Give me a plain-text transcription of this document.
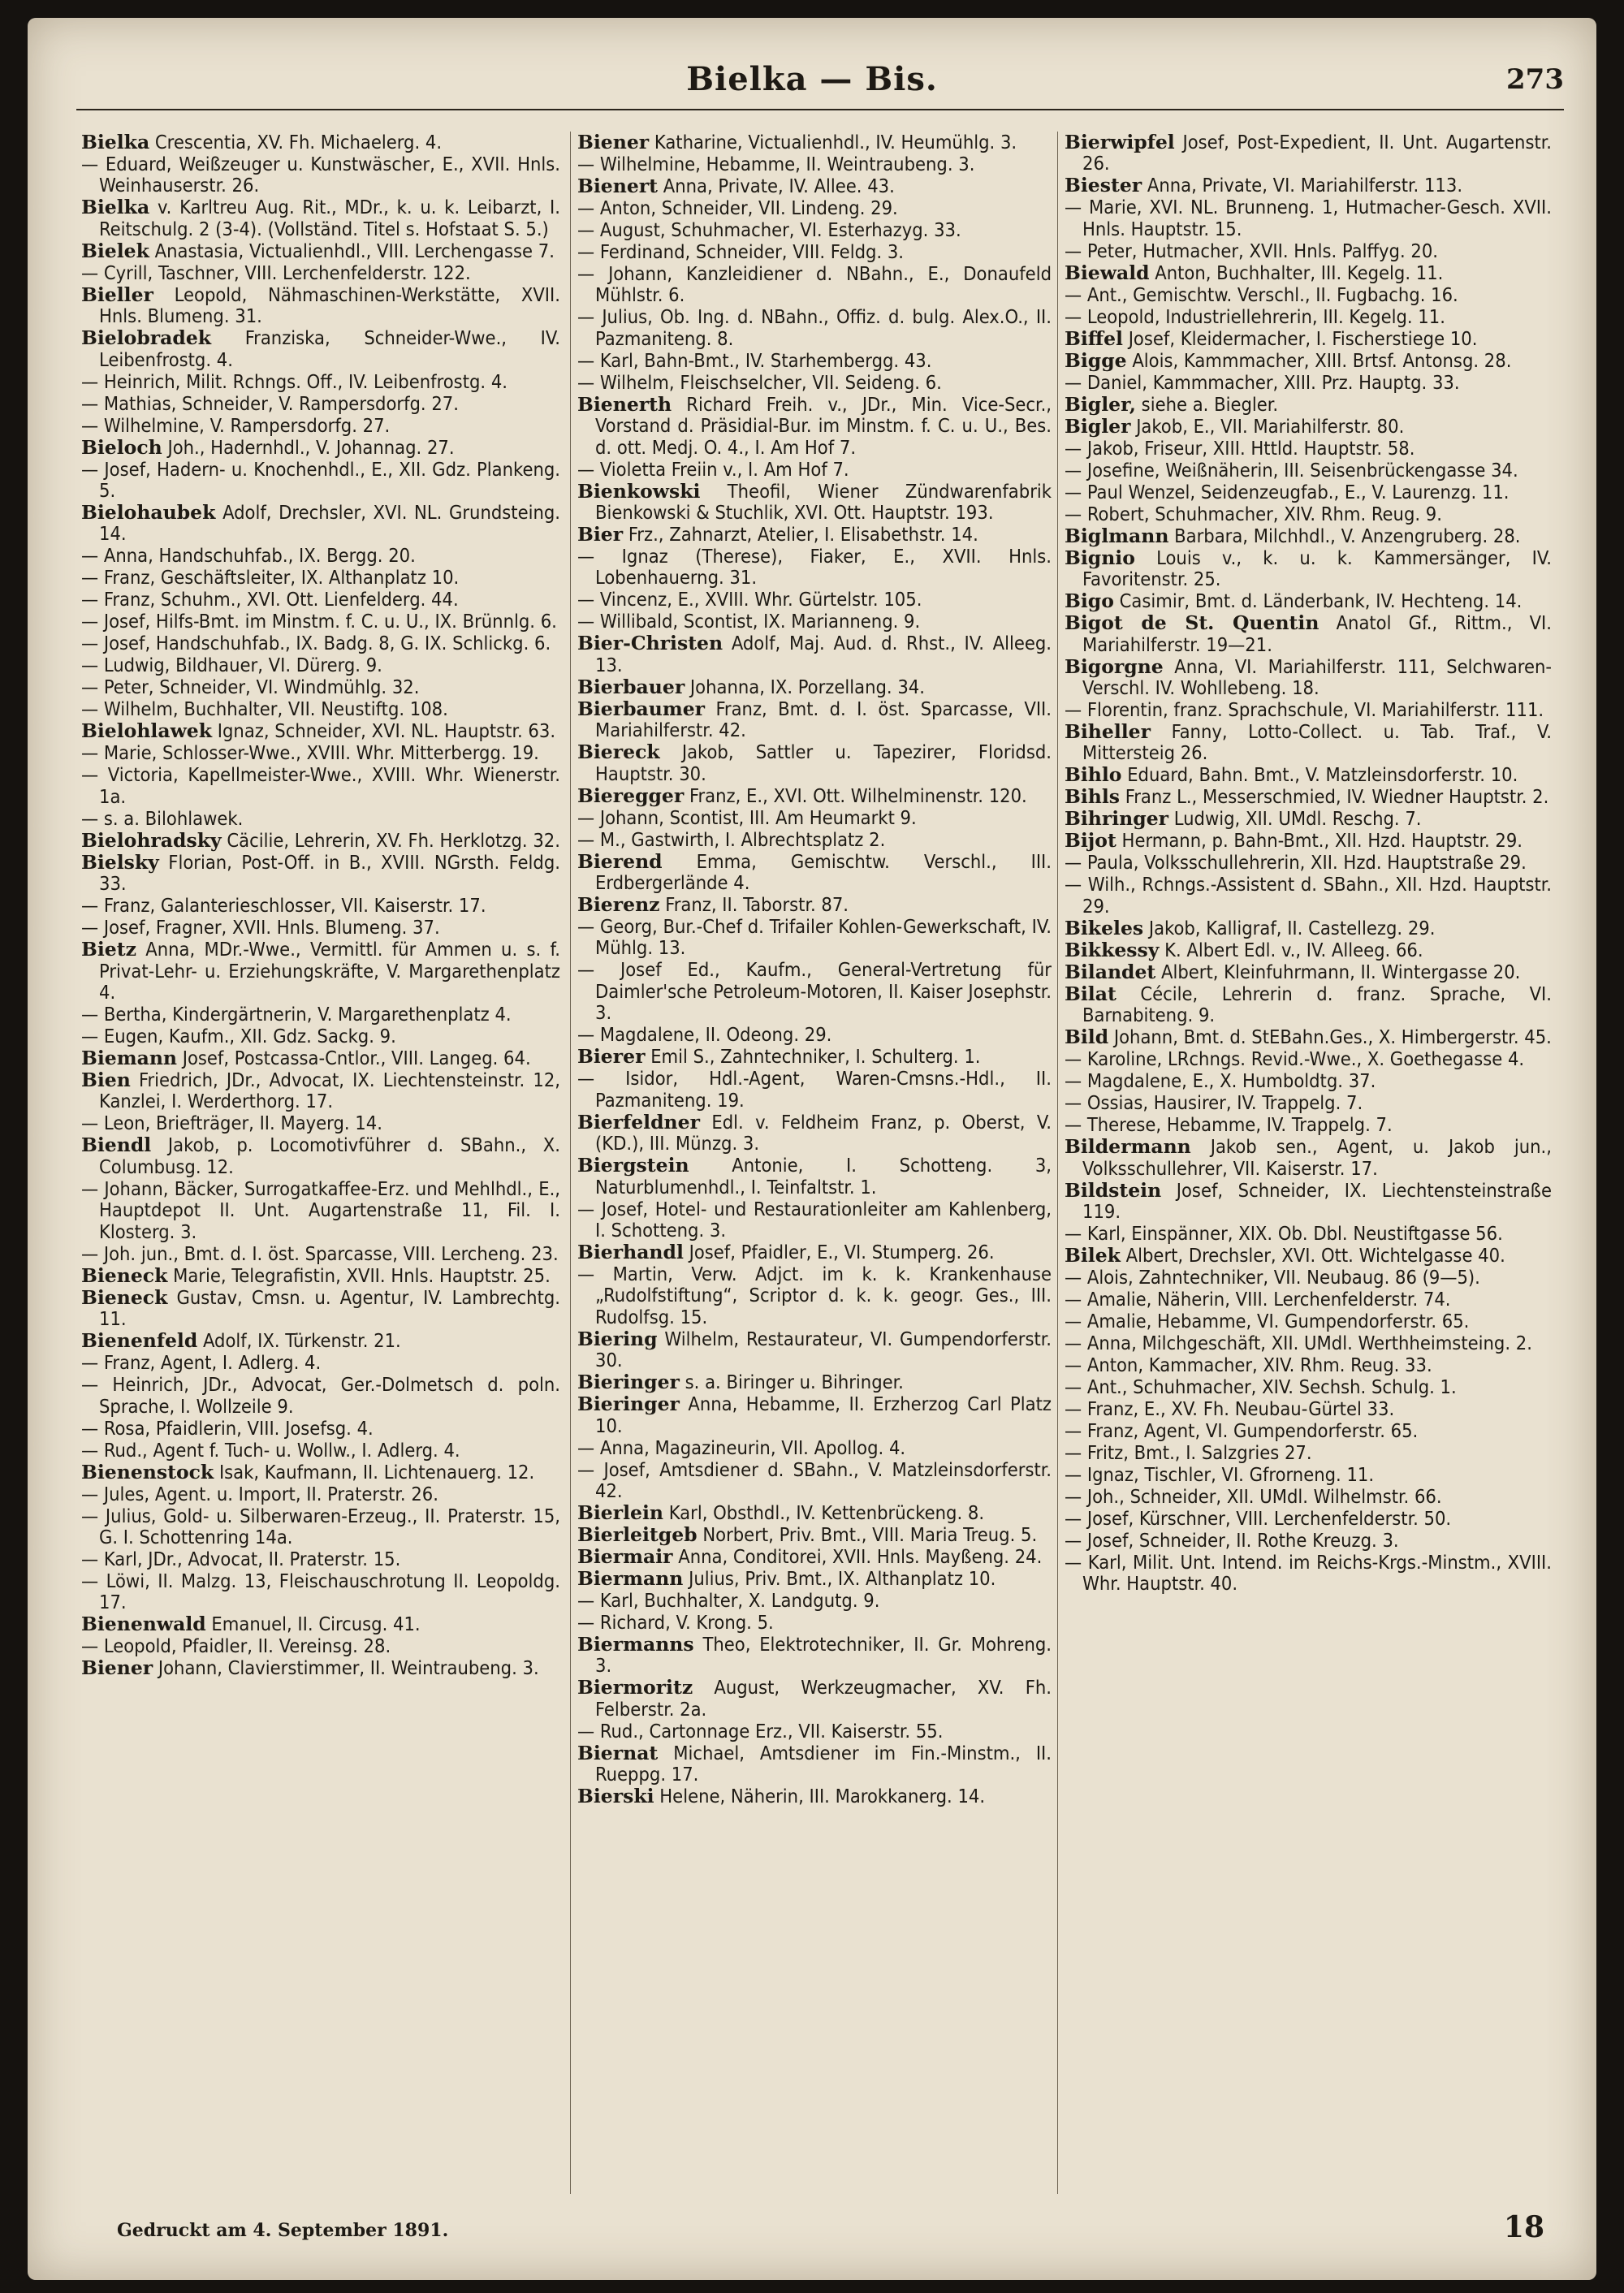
Bielka — Bis.	273

Bielka Crescentia, XV. Fh. Michaelerg. 4.

— Eduard, Weißzeuger u. Kunstwäscher, E., XVII. Hnls. Weinhauserstr. 26.

Bielka v. Karltreu Aug. Rit., MDr., k. u. k. Leibarzt, I. Reitschulg. 2 (3-4). (Vollständ. Titel s. Hofstaat S. 5.)

Bielek Anastasia, Victualienhdl., VIII. Lerchengasse 7.

— Cyrill, Taschner, VIII. Lerchenfelderstr. 122.

Bieller Leopold, Nähmaschinen-Werkstätte, XVII. Hnls. Blumeng. 31.

Bielobradek Franziska, Schneider-Wwe., IV. Leibenfrostg. 4.

— Heinrich, Milit. Rchngs. Off., IV. Leibenfrostg. 4.

— Mathias, Schneider, V. Rampersdorfg. 27.

— Wilhelmine, V. Rampersdorfg. 27.

Bieloch Joh., Hadernhdl., V. Johannag. 27.

— Josef, Hadern- u. Knochenhdl., E., XII. Gdz. Plankeng. 5.

Bielohaubek Adolf, Drechsler, XVI. NL. Grundsteing. 14.

— Anna, Handschuhfab., IX. Bergg. 20.

— Franz, Geschäftsleiter, IX. Althanplatz 10.

— Franz, Schuhm., XVI. Ott. Lienfelderg. 44.

— Josef, Hilfs-Bmt. im Minstm. f. C. u. U., IX. Brünnlg. 6.

— Josef, Handschuhfab., IX. Badg. 8, G. IX. Schlickg. 6.

— Ludwig, Bildhauer, VI. Dürerg. 9.

— Peter, Schneider, VI. Windmühlg. 32.

— Wilhelm, Buchhalter, VII. Neustiftg. 108.

Bielohlawek Ignaz, Schneider, XVI. NL. Hauptstr. 63.

— Marie, Schlosser-Wwe., XVIII. Whr. Mitterbergg. 19.

— Victoria, Kapellmeister-Wwe., XVIII. Whr. Wienerstr. 1a.

— s. a. Bilohlawek.

Bielohradsky Cäcilie, Lehrerin, XV. Fh. Herklotzg. 32.

Bielsky Florian, Post-Off. in B., XVIII. NGrsth. Feldg. 33.

— Franz, Galanterieschlosser, VII. Kaiserstr. 17.

— Josef, Fragner, XVII. Hnls. Blumeng. 37.

Bietz Anna, MDr.-Wwe., Vermittl. für Ammen u. s. f. Privat-Lehr- u. Erziehungskräfte, V. Margarethenplatz 4.

— Bertha, Kindergärtnerin, V. Margarethenplatz 4.

— Eugen, Kaufm., XII. Gdz. Sackg. 9.

Biemann Josef, Postcassa-Cntlor., VIII. Langeg. 64.

Bien Friedrich, JDr., Advocat, IX. Liechtensteinstr. 12, Kanzlei, I. Werderthorg. 17.

— Leon, Briefträger, II. Mayerg. 14.

Biendl Jakob, p. Locomotivführer d. SBahn., X. Columbusg. 12.

— Johann, Bäcker, Surrogatkaffee-Erz. und Mehlhdl., E., Hauptdepot II. Unt. Augartenstraße 11, Fil. I. Klosterg. 3.

— Joh. jun., Bmt. d. I. öst. Sparcasse, VIII. Lercheng. 23.

Bieneck Marie, Telegrafistin, XVII. Hnls. Hauptstr. 25.

Bieneck Gustav, Cmsn. u. Agentur, IV. Lambrechtg. 11.

Bienenfeld Adolf, IX. Türkenstr. 21.

— Franz, Agent, I. Adlerg. 4.

— Heinrich, JDr., Advocat, Ger.-Dolmetsch d. poln. Sprache, I. Wollzeile 9.

— Rosa, Pfaidlerin, VIII. Josefsg. 4.

— Rud., Agent f. Tuch- u. Wollw., I. Adlerg. 4.

Bienenstock Isak, Kaufmann, II. Lichtenauerg. 12.

— Jules, Agent. u. Import, II. Praterstr. 26.

— Julius, Gold- u. Silberwaren-Erzeug., II. Praterstr. 15, G. I. Schottenring 14a.

— Karl, JDr., Advocat, II. Praterstr. 15.

— Löwi, II. Malzg. 13, Fleischauschrotung II. Leopoldg. 17.

Bienenwald Emanuel, II. Circusg. 41.

— Leopold, Pfaidler, II. Vereinsg. 28.

Biener Johann, Clavierstimmer, II. Weintraubeng. 3.

Biener Katharine, Victualienhdl., IV. Heumühlg. 3.

— Wilhelmine, Hebamme, II. Weintraubeng. 3.

Bienert Anna, Private, IV. Allee. 43.

— Anton, Schneider, VII. Lindeng. 29.

— August, Schuhmacher, VI. Esterhazyg. 33.

— Ferdinand, Schneider, VIII. Feldg. 3.

— Johann, Kanzleidiener d. NBahn., E., Donaufeld Mühlstr. 6.

— Julius, Ob. Ing. d. NBahn., Offiz. d. bulg. Alex.O., II. Pazmaniteng. 8.

— Karl, Bahn-Bmt., IV. Starhembergg. 43.

— Wilhelm, Fleischselcher, VII. Seideng. 6.

Bienerth Richard Freih. v., JDr., Min. Vice-Secr., Vorstand d. Präsidial-Bur. im Minstm. f. C. u. U., Bes. d. ott. Medj. O. 4., I. Am Hof 7.

— Violetta Freiin v., I. Am Hof 7.

Bienkowski Theofil, Wiener Zündwarenfabrik Bienkowski & Stuchlik, XVI. Ott. Hauptstr. 193.

Bier Frz., Zahnarzt, Atelier, I. Elisabethstr. 14.

— Ignaz (Therese), Fiaker, E., XVII. Hnls. Lobenhauerng. 31.

— Vincenz, E., XVIII. Whr. Gürtelstr. 105.

— Willibald, Scontist, IX. Marianneng. 9.

Bier-Christen Adolf, Maj. Aud. d. Rhst., IV. Alleeg. 13.

Bierbauer Johanna, IX. Porzellang. 34.

Bierbaumer Franz, Bmt. d. I. öst. Sparcasse, VII. Mariahilferstr. 42.

Biereck Jakob, Sattler u. Tapezirer, Floridsd. Hauptstr. 30.

Bieregger Franz, E., XVI. Ott. Wilhelminenstr. 120.

— Johann, Scontist, III. Am Heumarkt 9.

— M., Gastwirth, I. Albrechtsplatz 2.

Bierend Emma, Gemischtw. Verschl., III. Erdbergerlände 4.

Bierenz Franz, II. Taborstr. 87.

— Georg, Bur.-Chef d. Trifailer Kohlen-Gewerkschaft, IV. Mühlg. 13.

— Josef Ed., Kaufm., General-Vertretung für Daimler'sche Petroleum-Motoren, II. Kaiser Josephstr. 3.

— Magdalene, II. Odeong. 29.

Bierer Emil S., Zahntechniker, I. Schulterg. 1.

— Isidor, Hdl.-Agent, Waren-Cmsns.-Hdl., II. Pazmaniteng. 19.

Bierfeldner Edl. v. Feldheim Franz, p. Oberst, V. (KD.), III. Münzg. 3.

Biergstein Antonie, I. Schotteng. 3, Naturblumenhdl., I. Teinfaltstr. 1.

— Josef, Hotel- und Restaurationleiter am Kahlenberg, I. Schotteng. 3.

Bierhandl Josef, Pfaidler, E., VI. Stumperg. 26.

— Martin, Verw. Adjct. im k. k. Krankenhause „Rudolfstiftung“, Scriptor d. k. k. geogr. Ges., III. Rudolfsg. 15.

Biering Wilhelm, Restaurateur, VI. Gumpendorferstr. 30.

Bieringer s. a. Biringer u. Bihringer.

Bieringer Anna, Hebamme, II. Erzherzog Carl Platz 10.

— Anna, Magazineurin, VII. Apollog. 4.

— Josef, Amtsdiener d. SBahn., V. Matzleinsdorferstr. 42.

Bierlein Karl, Obsthdl., IV. Kettenbrückeng. 8.

Bierleitgeb Norbert, Priv. Bmt., VIII. Maria Treug. 5.

Biermair Anna, Conditorei, XVII. Hnls. Mayßeng. 24.

Biermann Julius, Priv. Bmt., IX. Althanplatz 10.

— Karl, Buchhalter, X. Landgutg. 9.

— Richard, V. Krong. 5.

Biermanns Theo, Elektrotechniker, II. Gr. Mohreng. 3.

Biermoritz August, Werkzeugmacher, XV. Fh. Felberstr. 2a.

— Rud., Cartonnage Erz., VII. Kaiserstr. 55.

Biernat Michael, Amtsdiener im Fin.-Minstm., II. Rueppg. 17.

Bierski Helene, Näherin, III. Marokkanerg. 14.

Bierwipfel Josef, Post-Expedient, II. Unt. Augartenstr. 26.

Biester Anna, Private, VI. Mariahilferstr. 113.

— Marie, XVI. NL. Brunneng. 1, Hutmacher-Gesch. XVII. Hnls. Hauptstr. 15.

— Peter, Hutmacher, XVII. Hnls. Palffyg. 20.

Biewald Anton, Buchhalter, III. Kegelg. 11.

— Ant., Gemischtw. Verschl., II. Fugbachg. 16.

— Leopold, Industriellehrerin, III. Kegelg. 11.

Biffel Josef, Kleidermacher, I. Fischerstiege 10.

Bigge Alois, Kammmacher, XIII. Brtsf. Antonsg. 28.

— Daniel, Kammmacher, XIII. Prz. Hauptg. 33.

Bigler, siehe a. Biegler.

Bigler Jakob, E., VII. Mariahilferstr. 80.

— Jakob, Friseur, XIII. Httld. Hauptstr. 58.

— Josefine, Weißnäherin, III. Seisenbrückengasse 34.

— Paul Wenzel, Seidenzeugfab., E., V. Laurenzg. 11.

— Robert, Schuhmacher, XIV. Rhm. Reug. 9.

Biglmann Barbara, Milchhdl., V. Anzengruberg. 28.

Bignio Louis v., k. u. k. Kammersänger, IV. Favoritenstr. 25.

Bigo Casimir, Bmt. d. Länderbank, IV. Hechteng. 14.

Bigot de St. Quentin Anatol Gf., Rittm., VI. Mariahilferstr. 19—21.

Bigorgne Anna, VI. Mariahilferstr. 111, Selchwaren-Verschl. IV. Wohllebeng. 18.

— Florentin, franz. Sprachschule, VI. Mariahilferstr. 111.

Biheller Fanny, Lotto-Collect. u. Tab. Traf., V. Mittersteig 26.

Bihlo Eduard, Bahn. Bmt., V. Matzleinsdorferstr. 10.

Bihls Franz L., Messerschmied, IV. Wiedner Hauptstr. 2.

Bihringer Ludwig, XII. UMdl. Reschg. 7.

Bijot Hermann, p. Bahn-Bmt., XII. Hzd. Hauptstr. 29.

— Paula, Volksschullehrerin, XII. Hzd. Hauptstraße 29.

— Wilh., Rchngs.-Assistent d. SBahn., XII. Hzd. Hauptstr. 29.

Bikeles Jakob, Kalligraf, II. Castellezg. 29.

Bikkessy K. Albert Edl. v., IV. Alleeg. 66.

Bilandet Albert, Kleinfuhrmann, II. Wintergasse 20.

Bilat Cécile, Lehrerin d. franz. Sprache, VI. Barnabiteng. 9.

Bild Johann, Bmt. d. StEBahn.Ges., X. Himbergerstr. 45.

— Karoline, LRchngs. Revid.-Wwe., X. Goethegasse 4.

— Magdalene, E., X. Humboldtg. 37.

— Ossias, Hausirer, IV. Trappelg. 7.

— Therese, Hebamme, IV. Trappelg. 7.

Bildermann Jakob sen., Agent, u. Jakob jun., Volksschullehrer, VII. Kaiserstr. 17.

Bildstein Josef, Schneider, IX. Liechtensteinstraße 119.

— Karl, Einspänner, XIX. Ob. Dbl. Neustiftgasse 56.

Bilek Albert, Drechsler, XVI. Ott. Wichtelgasse 40.

— Alois, Zahntechniker, VII. Neubaug. 86 (9—5).

— Amalie, Näherin, VIII. Lerchenfelderstr. 74.

— Amalie, Hebamme, VI. Gumpendorferstr. 65.

— Anna, Milchgeschäft, XII. UMdl. Werthheimsteing. 2.

— Anton, Kammacher, XIV. Rhm. Reug. 33.

— Ant., Schuhmacher, XIV. Sechsh. Schulg. 1.

— Franz, E., XV. Fh. Neubau-Gürtel 33.

— Franz, Agent, VI. Gumpendorferstr. 65.

— Fritz, Bmt., I. Salzgries 27.

— Ignaz, Tischler, VI. Gfrorneng. 11.

— Joh., Schneider, XII. UMdl. Wilhelmstr. 66.

— Josef, Kürschner, VIII. Lerchenfelderstr. 50.

— Josef, Schneider, II. Rothe Kreuzg. 3.

— Karl, Milit. Unt. Intend. im Reichs-Krgs.-Minstm., XVIII. Whr. Hauptstr. 40.

Gedruckt am 4. September 1891.	18
